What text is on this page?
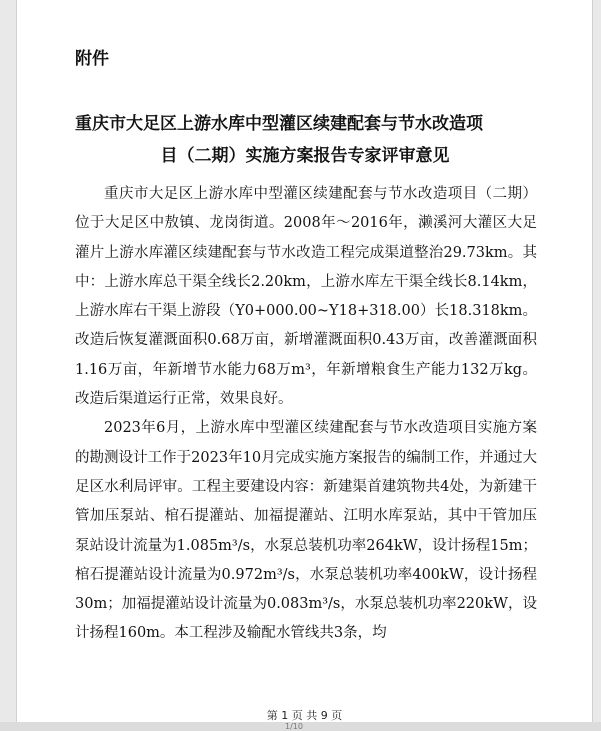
附件
重庆市大足区上游水库中型灌区续建配套与节水改造项
目（二期）实施方案报告专家评审意见

重庆市大足区上游水库中型灌区续建配套与节水改造项目（二期）位于大足区中敖镇、龙岗街道。2008年～2016年，濑溪河大灌区大足灌片上游水库灌区续建配套与节水改造工程完成渠道整治29.73km。其中：上游水库总干渠全线长2.20km，上游水库左干渠全线长8.14km，上游水库右干渠上游段（Y0+000.00~Y18+318.00）长18.318km。改造后恢复灌溉面积0.68万亩，新增灌溉面积0.43万亩，改善灌溉面积1.16万亩，年新增节水能力68万m³，年新增粮食生产能力132万kg。改造后渠道运行正常，效果良好。

2023年6月，上游水库中型灌区续建配套与节水改造项目实施方案的勘测设计工作于2023年10月完成实施方案报告的编制工作，并通过大足区水利局评审。工程主要建设内容：新建渠首建筑物共4处，为新建干管加压泵站、棺石提灌站、加福提灌站、江明水库泵站，其中干管加压泵站设计流量为1.085m³/s，水泵总装机功率264kW，设计扬程15m；棺石提灌站设计流量为0.972m³/s，水泵总装机功率400kW，设计扬程30m；加福提灌站设计流量为0.083m³/s，水泵总装机功率220kW，设计扬程160m。本工程涉及输配水管线共3条，均

第 1 页 共 9 页
1/10
